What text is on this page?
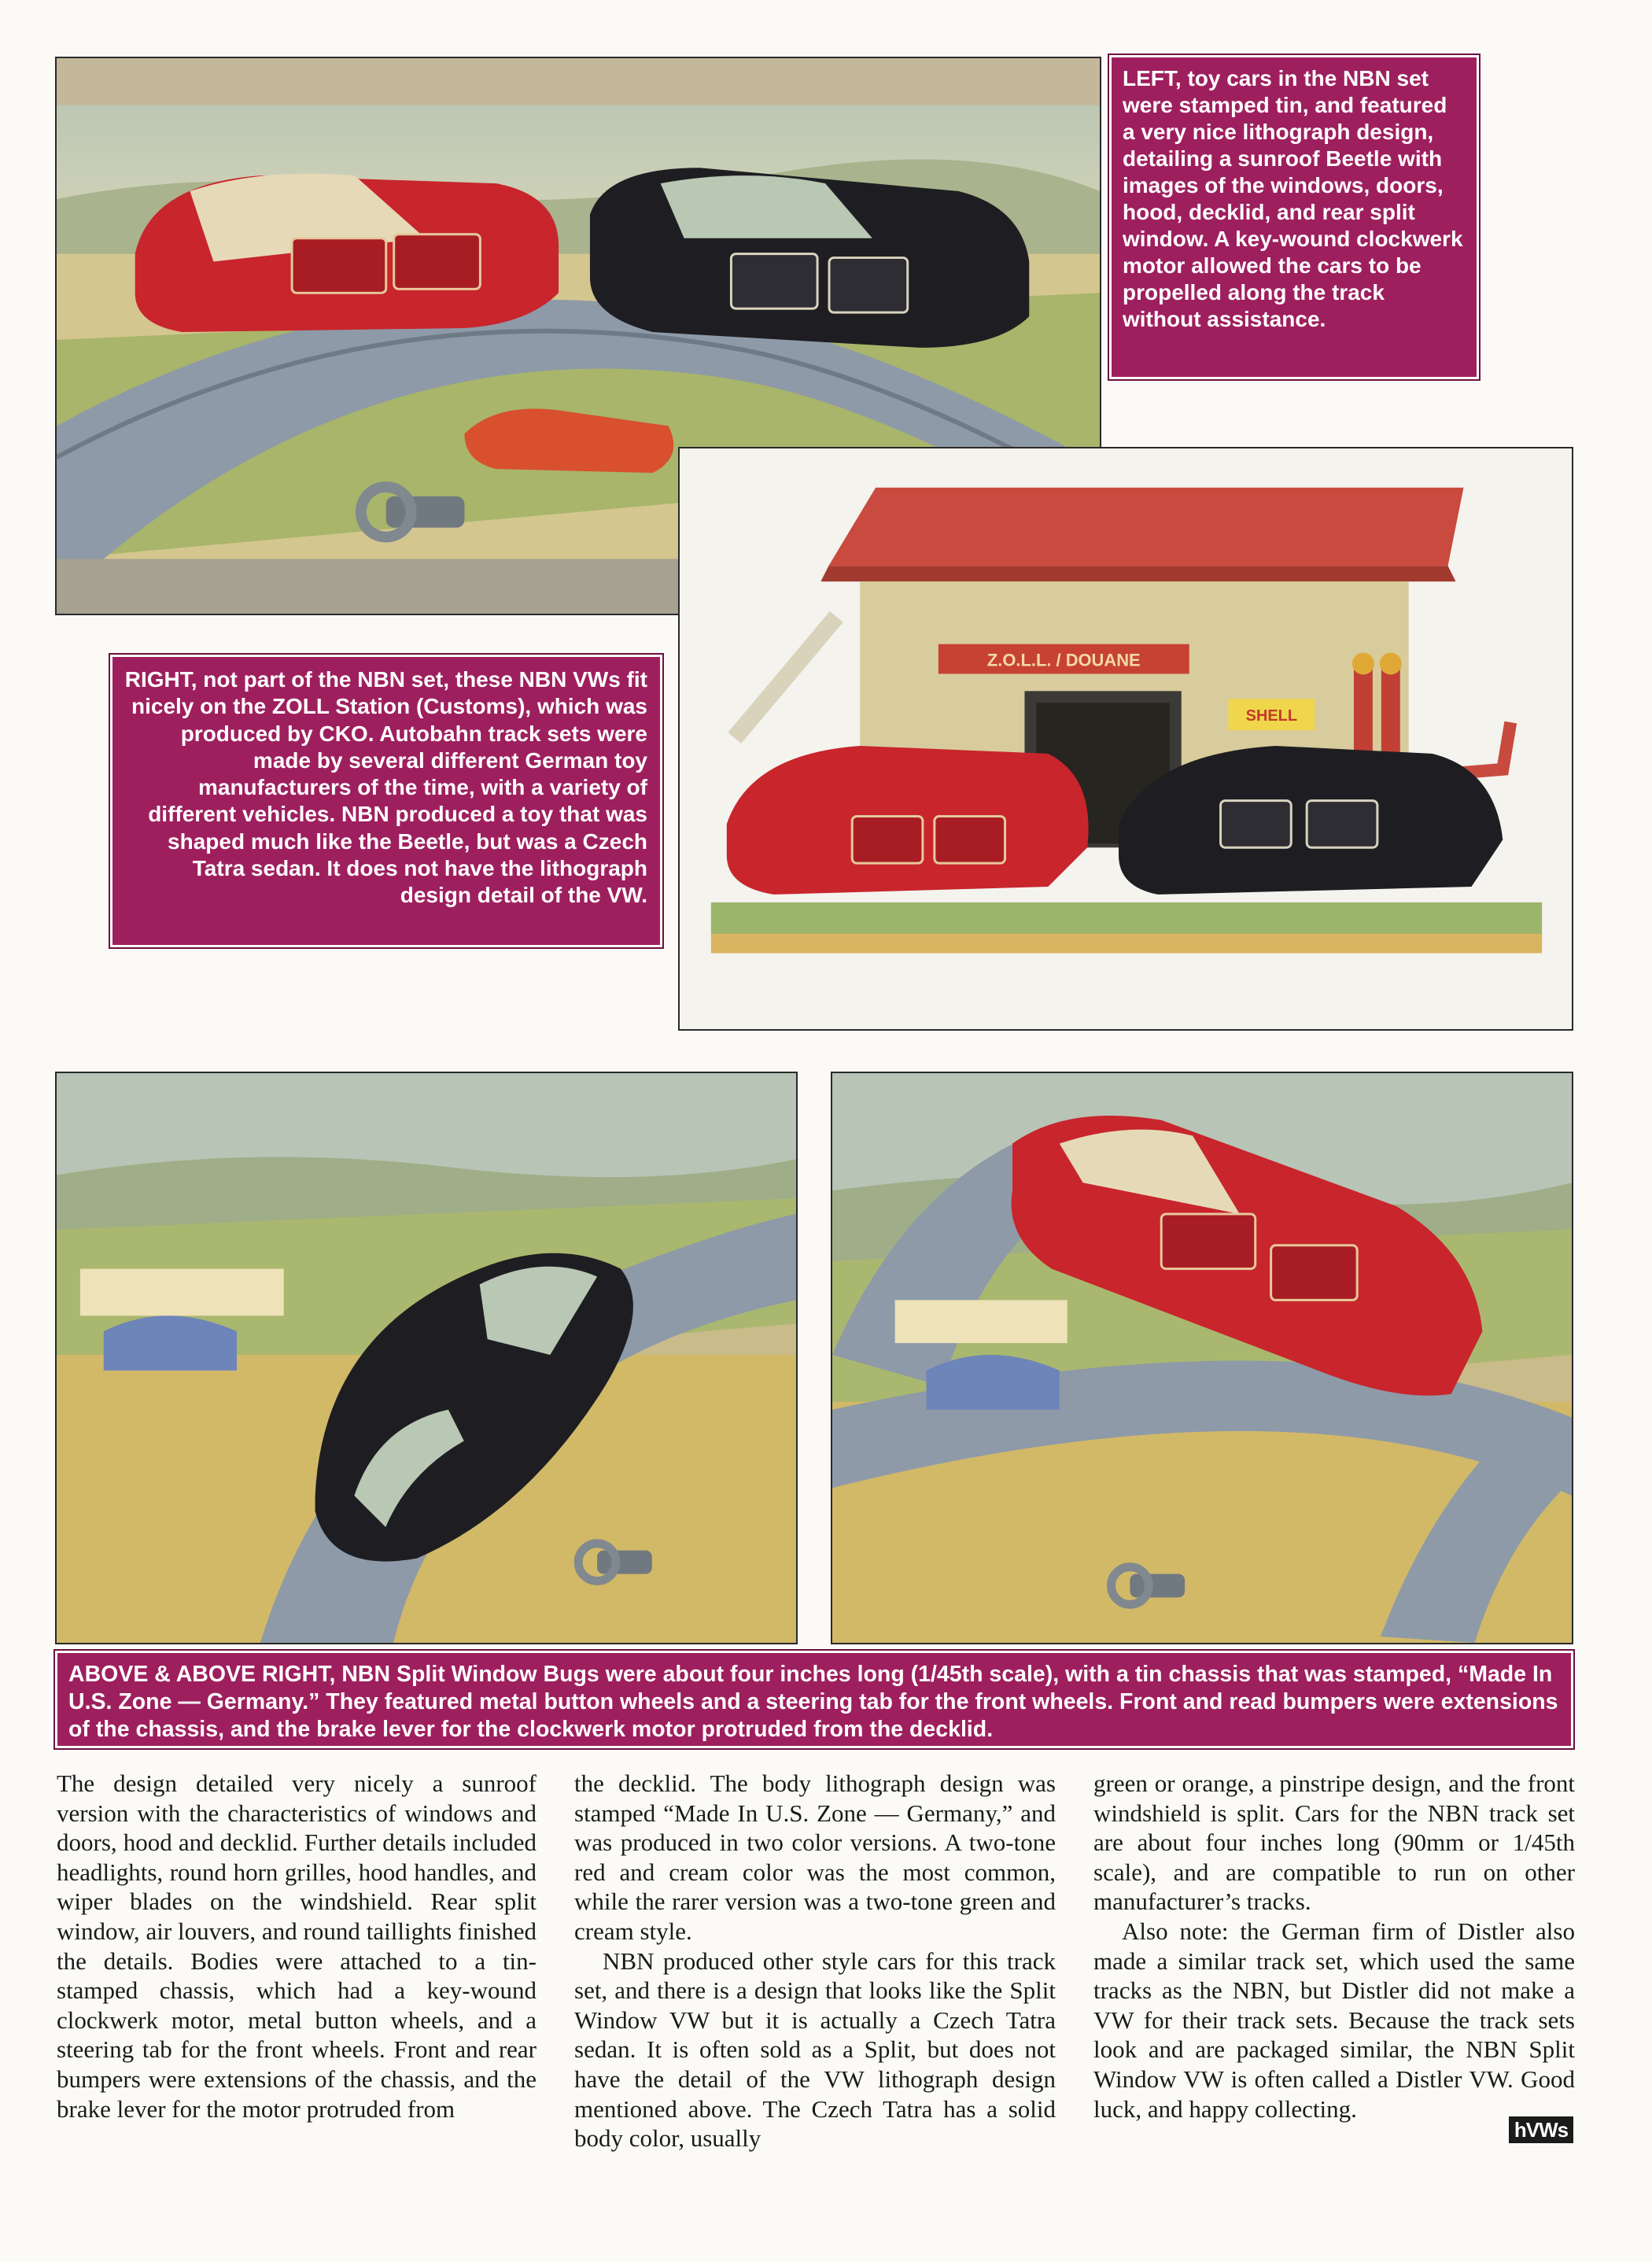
LEFT, toy cars in the NBN set were stamped tin, and featured a very nice lithograph design, detailing a sunroof Beetle with images of the windows, doors, hood, decklid, and rear split window. A key-wound clockwerk motor allowed the cars to be propelled along the track without assistance.

Z.O.L.L. / DOUANE
SHELL

RIGHT, not part of the NBN set, these NBN VWs fit nicely on the ZOLL Station (Customs), which was produced by CKO. Autobahn track sets were made by several different German toy manufacturers of the time, with a variety of different vehicles. NBN produced a toy that was shaped much like the Beetle, but was a Czech Tatra sedan. It does not have the lithograph design detail of the VW.

ABOVE & ABOVE RIGHT, NBN Split Window Bugs were about four inches long (1/45th scale), with a tin chassis that was stamped, “Made In U.S. Zone — Germany.” They featured metal button wheels and a steering tab for the front wheels. Front and read bumpers were extensions of the chassis, and the brake lever for the clockwerk motor protruded from the decklid.

The design detailed very nicely a sunroof version with the characteristics of windows and doors, hood and decklid. Further details included headlights, round horn grilles, hood handles, and wiper blades on the windshield. Rear split window, air louvers, and round taillights finished the details. Bodies were attached to a tin-stamped chassis, which had a key-wound clockwerk motor, metal button wheels, and a steering tab for the front wheels. Front and rear bumpers were extensions of the chassis, and the brake lever for the motor protruded from

the decklid. The body lithograph design was stamped “Made In U.S. Zone — Germany,” and was produced in two color versions. A two-tone red and cream color was the most common, while the rarer version was a two-tone green and cream style.

NBN produced other style cars for this track set, and there is a design that looks like the Split Window VW but it is actually a Czech Tatra sedan. It is often sold as a Split, but does not have the detail of the VW lithograph design mentioned above. The Czech Tatra has a solid body color, usually

green or orange, a pinstripe design, and the front windshield is split. Cars for the NBN track set are about four inches long (90mm or 1/45th scale), and are compatible to run on other manufacturer’s tracks.

Also note: the German firm of Distler also made a similar track set, which used the same tracks as the NBN, but Distler did not make a VW for their track sets. Because the track sets look and are packaged similar, the NBN Split Window VW is often called a Distler VW. Good luck, and happy collecting.

hVWs
